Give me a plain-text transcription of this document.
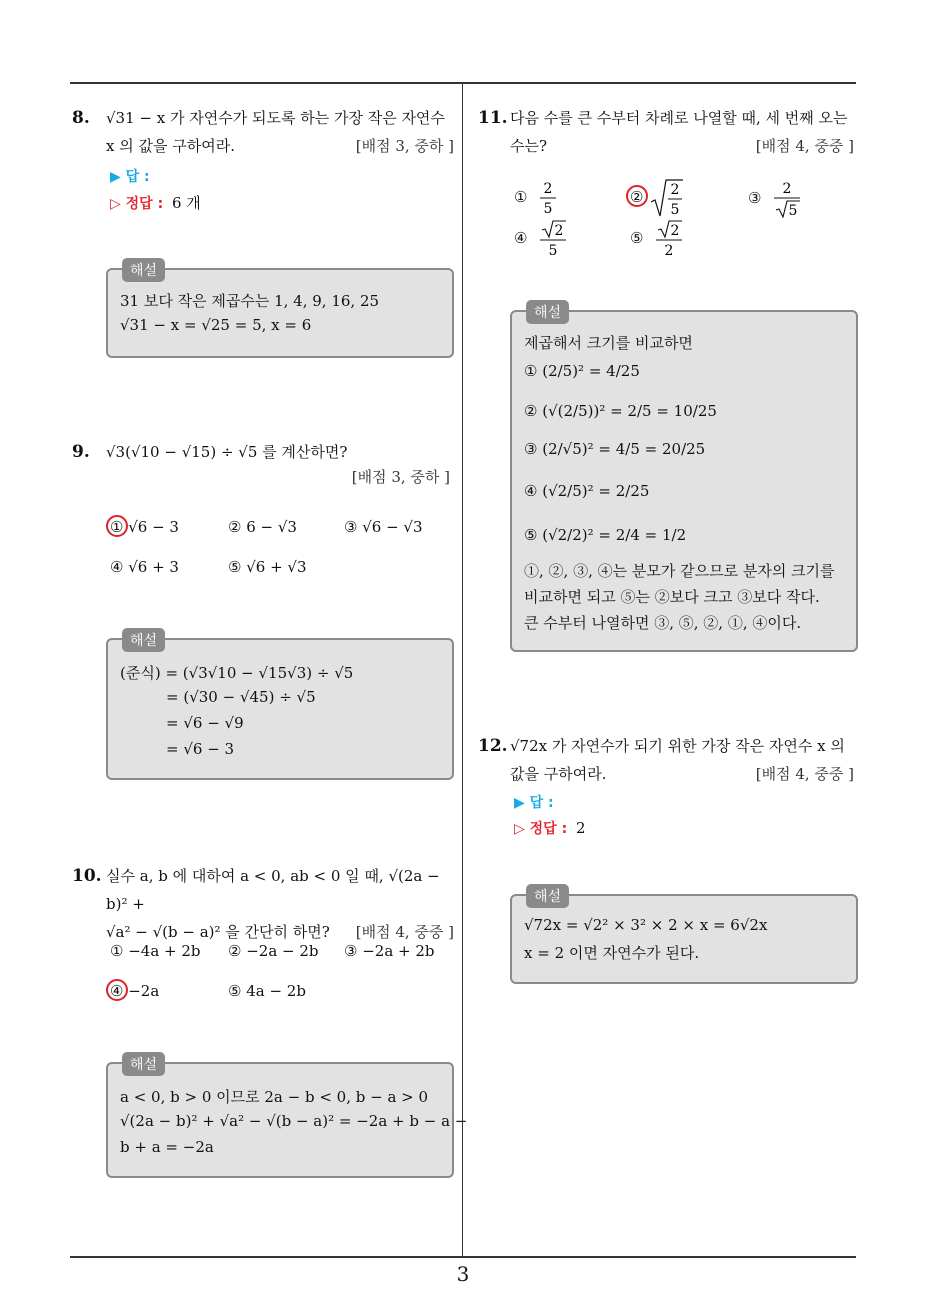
8. √31 − x 가 자연수가 되도록 하는 가장 작은 자연수
x 의 값을 구하여라.	[배점 3, 중하 ]
▶ 답 :
▷ 정답 : 6 개
해설
31 보다 작은 제곱수는 1, 4, 9, 16, 25
√31 − x = √25 = 5, x = 6
9. √3(√10 − √15) ÷ √5 를 계산하면?
[배점 3, 중하 ]
① √6 − 3	② 6 − √3	③ √6 − √3
④ √6 + 3	⑤ √6 + √3
해설
(준식) = (√3√10 − √15√3) ÷ √5
= (√30 − √45) ÷ √5
= √6 − √9
= √6 − 3
10. 실수 a, b 에 대하여 a < 0, ab < 0 일 때, √(2a − b)² +
√a² − √(b − a)² 을 간단히 하면? [배점 4, 중중 ]
① −4a + 2b ② −2a − 2b ③ −2a + 2b
④ −2a	⑤ 4a − 2b
해설
a < 0, b > 0 이므로 2a − b < 0, b − a > 0
√(2a − b)² + √a² − √(b − a)² = −2a + b − a −
b + a = −2a
11. 다음 수를 큰 수부터 차례로 나열할 때, 세 번째 오는
수는?	[배점 4, 중중 ]
① 2
5
② 2
5
③ 2
5
④ 2
5
⑤ 2
2
해설
제곱해서 크기를 비교하면
① (2/5)² = 4/25
② (√(2/5))² = 2/5 = 10/25
③ (2/√5)² = 4/5 = 20/25
④ (√2/5)² = 2/25
⑤ (√2/2)² = 2/4 = 1/2
①, ②, ③, ④는 분모가 같으므로 분자의 크기를
비교하면 되고 ⑤는 ②보다 크고 ③보다 작다.
큰 수부터 나열하면 ③, ⑤, ②, ①, ④이다.
12. √72x 가 자연수가 되기 위한 가장 작은 자연수 x 의
값을 구하여라.	[배점 4, 중중 ]
▶ 답 :
▷ 정답 : 2
해설
√72x = √2² × 3² × 2 × x = 6√2x
x = 2 이면 자연수가 된다.
3
